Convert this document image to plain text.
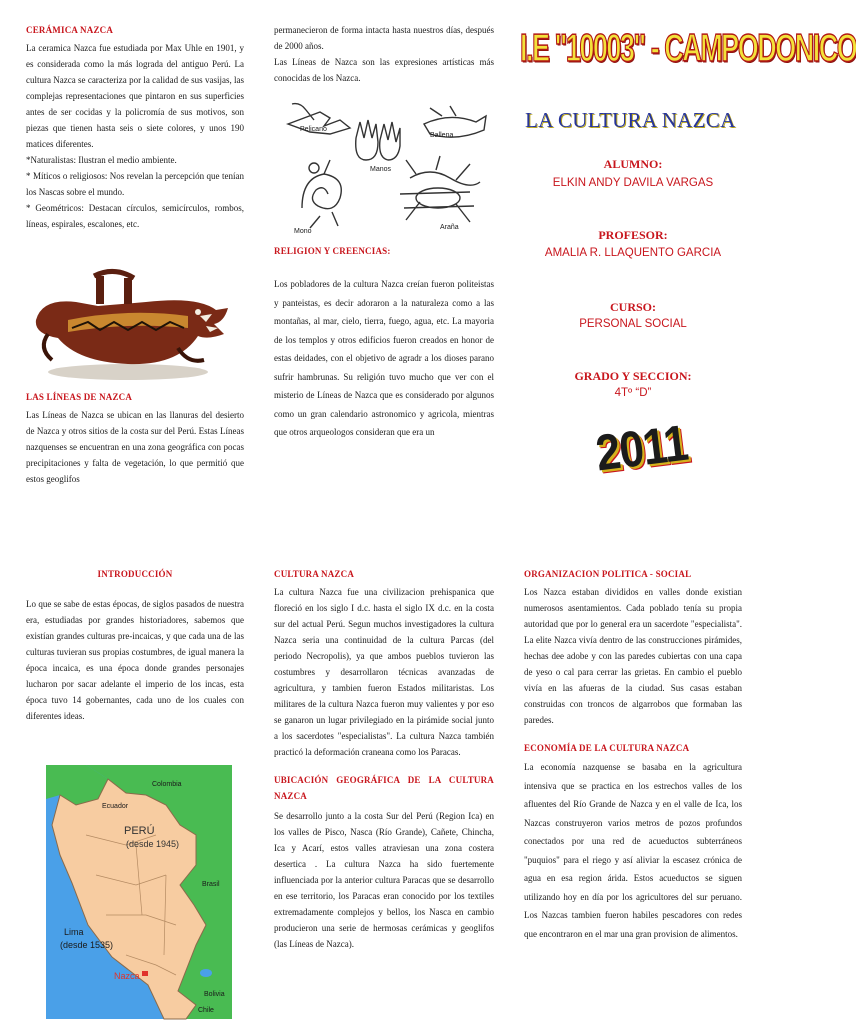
CERÁMICA NAZCA

La ceramica Nazca fue estudiada por Max Uhle en 1901, y es considerada como la más lograda del antiguo Perú. La cultura Nazca se caracteriza por la calidad de sus vasijas, las complejas representaciones que pintaron en sus superficies antes de ser cocidas y la policromía de sus motivos, son piezas que tienen hasta seis o siete colores, y unos 190 matices diferentes.

*Naturalistas: Ilustran el medio ambiente.

* Míticos o religiosos: Nos revelan la percepción que tenían los Nascas sobre el mundo.

* Geométricos: Destacan círculos, semicírculos, rombos, líneas, espirales, escalones, etc.

LAS LÍNEAS DE NAZCA

Las Líneas de Nazca se ubican en las llanuras del desierto de Nazca y otros sitios de la costa sur del Perú. Estas Líneas nazquenses se encuentran en una zona geográfica con pocas precipitaciones y falta de vegetación, lo que permitió que estos geoglifos

permanecieron de forma intacta hasta nuestros días, después de 2000 años.

Las Líneas de Nazca son las expresiones artísticas más conocidas de los Nazca.

Pelicano
Manos
Ballena
Mono
Araña
RELIGION Y CREENCIAS:

Los pobladores de la cultura Nazca creían fueron politeistas y panteistas, es decir adoraron a la naturaleza como a las montañas, al mar, cielo, tierra, fuego, agua, etc. La mayoria de los templos y otros edificios fueron creados en honor de estas deidades, con el objetivo de agradr a los dioses parano sufrir hambrunas. Su religión tuvo mucho que ver con el misterio de Líneas de Nazca que es considerado por algunos como un gran calendario astronomico y agricola, mientras que otros arqueologos consideran que era un

I.E "10003" - CAMPODONICO
LA CULTURA NAZCA
ALUMNO:
ELKIN ANDY DAVILA VARGAS
PROFESOR:
AMALIA R. LLAQUENTO GARCIA
CURSO:
PERSONAL SOCIAL
GRADO Y SECCION:
4Tº “D”
2011
INTRODUCCIÓN

Lo que se sabe de estas épocas, de siglos pasados de nuestra era, estudiadas por grandes historiadores, sabemos que existían grandes culturas pre-incaicas, y que cada una de las culturas tuvieran sus propias costumbres, de igual manera la época incaica, es una época donde grandes personajes lucharon por sacar adelante el imperio de los incas, esta época tuvo 14 gobernantes, cada uno de los cuales con diferentes ideas.

Colombia
Ecuador
PERÚ
(desde 1945)
Brasil
Lima
(desde 1535)
Nazca
Bolivia
Chile
CULTURA NAZCA

La cultura Nazca fue una civilizacion prehispanica que floreció en los siglo I d.c. hasta el siglo IX d.c. en la costa sur del actual Perú. Segun muchos investigadores la cultura Nazca seria una continuidad de la cultura Parcas (del periodo Necropolis), ya que ambos pueblos tuvieron las costumbres y desarrollaron técnicas avanzadas de agricultura, y tambien fueron Estados militaristas. Los militares de la cultura Nazca fueron muy valientes y por eso se ganaron un lugar privilegiado en la pirámide social junto a los sacerdotes "especialistas". La cultura Nazca también practicó la deformación craneana como los Paracas.

UBICACIÓN GEOGRÁFICA DE LA CULTURA NAZCA

Se desarrollo junto a la costa Sur del Perú (Region Ica) en los valles de Pisco, Nasca (Río Grande), Cañete, Chincha, Ica y Acarí, estos valles atraviesan una zona costera desertica . La cultura Nazca ha sido fuertemente influenciada por la anterior cultura Paracas que se desarrollo en ese territorio, los Paracas eran conocido por los textiles extremadamente complejos y bellos, los Nasca en cambio producieron una serie de hermosas cerámicas y geoglifos (las Líneas de Nazca).

ORGANIZACION POLITICA - SOCIAL

Los Nazca estaban divididos en valles donde existian numerosos asentamientos. Cada poblado tenía su propia autoridad que por lo general era un sacerdote "especialista". La elite Nazca vivía dentro de las construcciones pirámides, hechas dee adobe y con las paredes cubiertas con una capa de yeso o cal para cerrar las grietas. En cambio el pueblo vivía en las afueras de la ciudad. Sus casas estaban construidas con troncos de algarrobos que formaban las paredes.

ECONOMÍA DE LA CULTURA NAZCA

La economía nazquense se basaba en la agricultura intensiva que se practica en los estrechos valles de los afluentes del Río Grande de Nazca y en el valle de Ica, los Nazcas construyeron varios metros de pozos profundos conectados por una red de acueductos subterráneos "puquios" para el riego y así aliviar la escasez crónica de agua en esa region árida. Estos acueductos se siguen utilizando hoy en día por los agricultores del sur peruano. Los Nazcas tambien fueron habiles pescadores con redes que encontraron en el mar una gran provision de alimentos.
